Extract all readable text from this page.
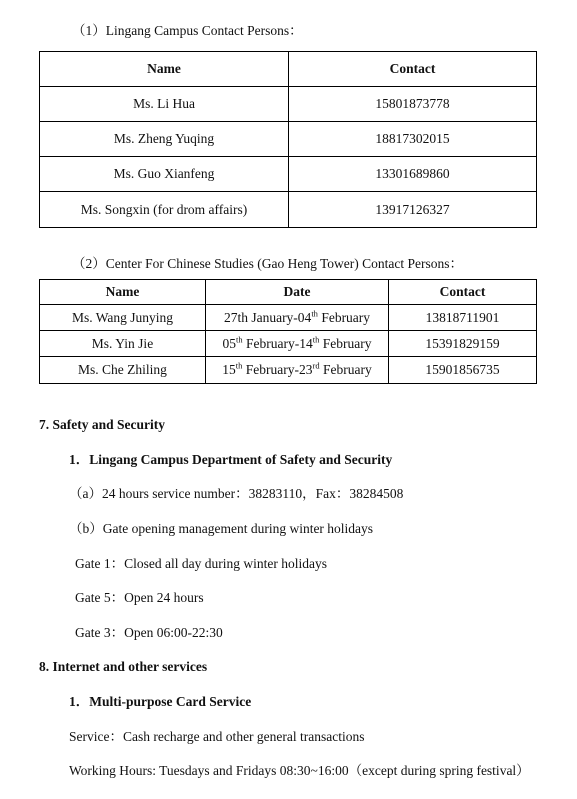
（1）Lingang Campus Contact Persons：
Name	Contact
Ms. Li Hua	15801873778
Ms. Zheng Yuqing	18817302015
Ms. Guo Xianfeng	13301689860
Ms. Songxin (for drom affairs)	13917126327
（2）Center For Chinese Studies (Gao Heng Tower) Contact Persons：
Name	Date	Contact
Ms. Wang Junying	27th January-04th February	13818711901
Ms. Yin Jie	05th February-14th February	15391829159
Ms. Che Zhiling	15th February-23rd February	15901856735
7. Safety and Security
1．Lingang Campus Department of Safety and Security
（a）24 hours service number：38283110，Fax：38284508
（b）Gate opening management during winter holidays
Gate 1：Closed all day during winter holidays
Gate 5：Open 24 hours
Gate 3：Open 06:00-22:30
8. Internet and other services
1．Multi-purpose Card Service
Service：Cash recharge and other general transactions
Working Hours: Tuesdays and Fridays 08:30~16:00（except during spring festival）
